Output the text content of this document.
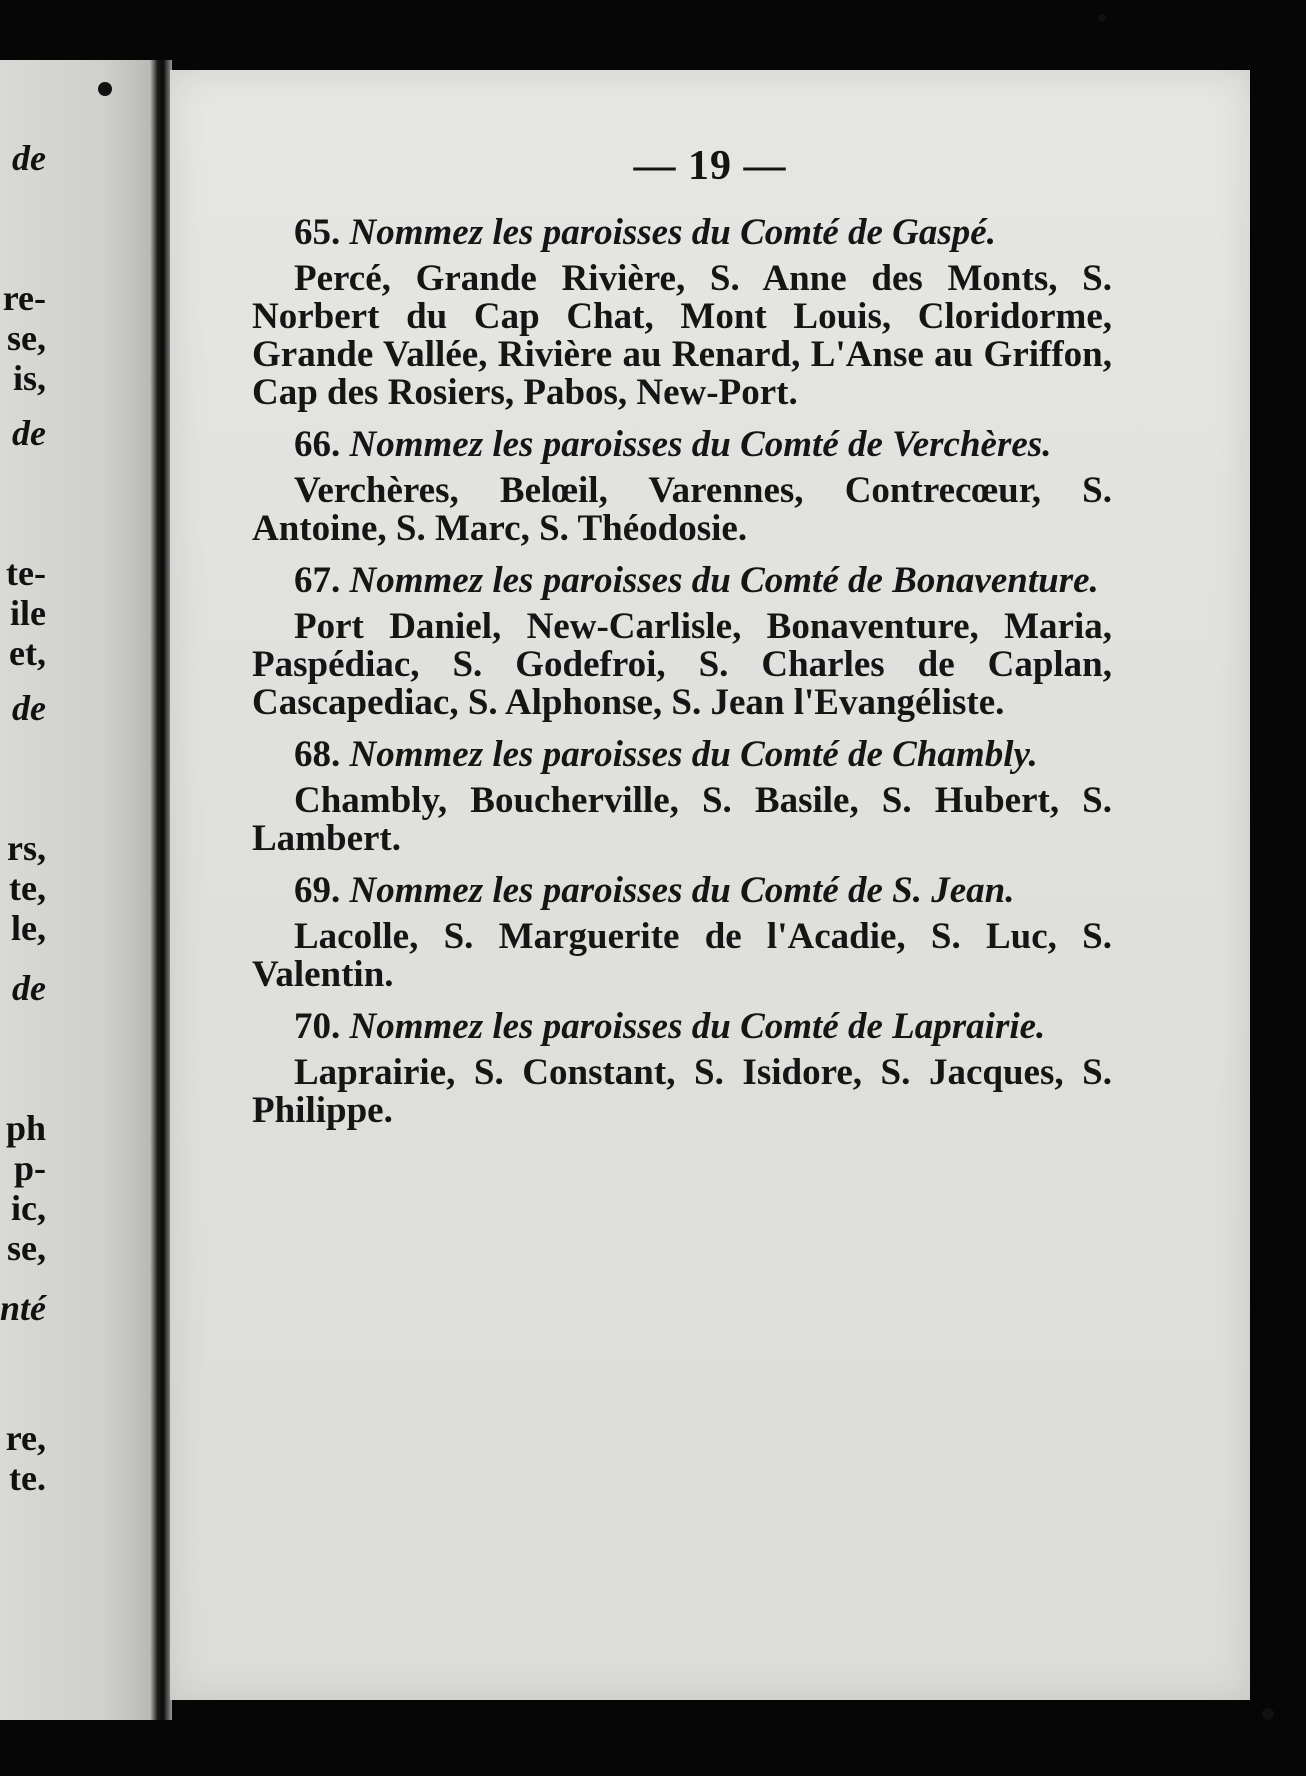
de
re-
se,
is,
de
te-
ile
et,
de
rs,
te,
le,
de
ph
p-
ic,
se,
nté
re,
te.
— 19 —
65. Nommez les paroisses du Comté de Gaspé.
Percé, Grande Rivière, S. Anne des Monts, S. Norbert du Cap Chat, Mont Louis, Cloridorme, Grande Vallée, Rivière au Renard, L'Anse au Griffon, Cap des Rosiers, Pabos, New-Port.
66. Nommez les paroisses du Comté de Verchères.
Verchères, Belœil, Varennes, Contrecœur, S. Antoine, S. Marc, S. Théodosie.
67. Nommez les paroisses du Comté de Bonaventure.
Port Daniel, New-Carlisle, Bonaventure, Maria, Paspédiac, S. Godefroi, S. Charles de Caplan, Cascapediac, S. Alphonse, S. Jean l'Evangéliste.
68. Nommez les paroisses du Comté de Chambly.
Chambly, Boucherville, S. Basile, S. Hubert, S. Lambert.
69. Nommez les paroisses du Comté de S. Jean.
Lacolle, S. Marguerite de l'Acadie, S. Luc, S. Valentin.
70. Nommez les paroisses du Comté de Laprairie.
Laprairie, S. Constant, S. Isidore, S. Jacques, S. Philippe.
